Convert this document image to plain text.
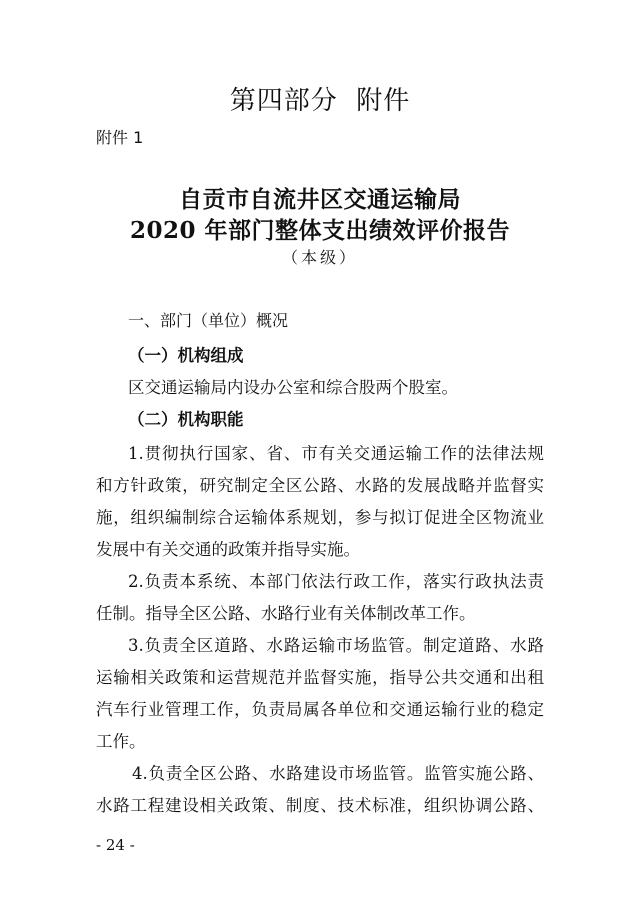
第四部分  附件
附件 1
自贡市自流井区交通运输局
2020 年部门整体支出绩效评价报告
（本级）
一、部门（单位）概况
（一）机构组成
区交通运输局内设办公室和综合股两个股室。
（二）机构职能
1.贯彻执行国家、省、市有关交通运输工作的法律法规
和方针政策，研究制定全区公路、水路的发展战略并监督实
施，组织编制综合运输体系规划，参与拟订促进全区物流业
发展中有关交通的政策并指导实施。
2.负责本系统、本部门依法行政工作，落实行政执法责
任制。指导全区公路、水路行业有关体制改革工作。
3.负责全区道路、水路运输市场监管。制定道路、水路
运输相关政策和运营规范并监督实施，指导公共交通和出租
汽车行业管理工作，负责局属各单位和交通运输行业的稳定
工作。
4.负责全区公路、水路建设市场监管。监管实施公路、
水路工程建设相关政策、制度、技术标准，组织协调公路、
- 24 -
